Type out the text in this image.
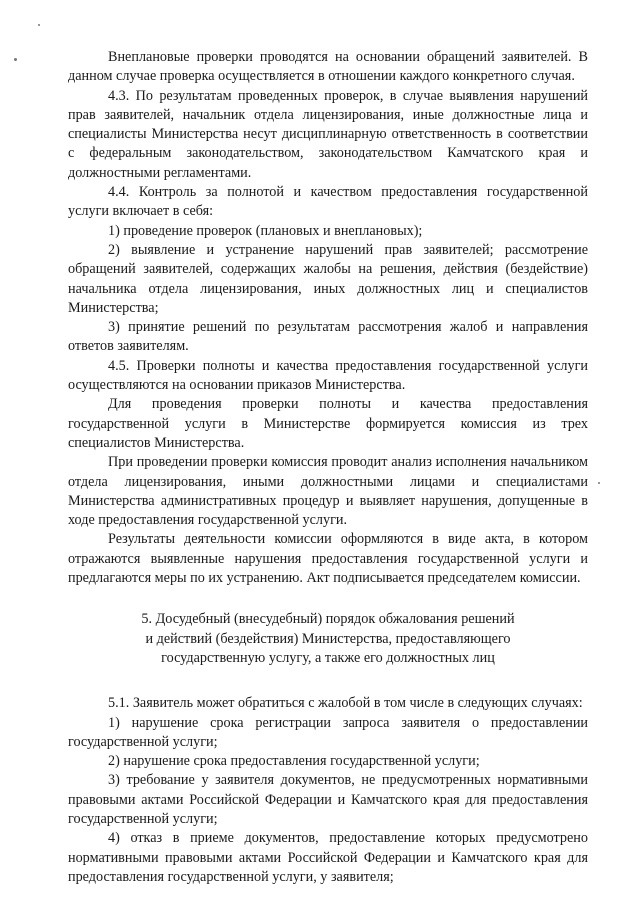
Внеплановые проверки проводятся на основании обращений заявителей. В данном случае проверка осуществляется в отношении каждого конкретного случая.

4.3. По результатам проведенных проверок, в случае выявления нарушений прав заявителей, начальник отдела лицензирования, иные должностные лица и специалисты Министерства несут дисциплинарную ответственность в соответствии с федеральным законодательством, законодательством Камчатского края и должностными регламентами.

4.4. Контроль за полнотой и качеством предоставления государственной услуги включает в себя:

1) проведение проверок (плановых и внеплановых);

2) выявление и устранение нарушений прав заявителей; рассмотрение обращений заявителей, содержащих жалобы на решения, действия (бездействие) начальника отдела лицензирования, иных должностных лиц и специалистов Министерства;

3) принятие решений по результатам рассмотрения жалоб и направления ответов заявителям.

4.5. Проверки полноты и качества предоставления государственной услуги осуществляются на основании приказов Министерства.

Для проведения проверки полноты и качества предоставления государственной услуги в Министерстве формируется комиссия из трех специалистов Министерства.

При проведении проверки комиссия проводит анализ исполнения начальником отдела лицензирования, иными должностными лицами и специалистами Министерства административных процедур и выявляет нарушения, допущенные в ходе предоставления государственной услуги.

Результаты деятельности комиссии оформляются в виде акта, в котором отражаются выявленные нарушения предоставления государственной услуги и предлагаются меры по их устранению. Акт подписывается председателем комиссии.

5. Досудебный (внесудебный) порядок обжалования решений
и действий (бездействия) Министерства, предоставляющего
государственную услугу, а также его должностных лиц

5.1. Заявитель может обратиться с жалобой в том числе в следующих случаях:

1) нарушение срока регистрации запроса заявителя о предоставлении государственной услуги;

2) нарушение срока предоставления государственной услуги;

3) требование у заявителя документов, не предусмотренных нормативными правовыми актами Российской Федерации и Камчатского края для предоставления государственной услуги;

4) отказ в приеме документов, предоставление которых предусмотрено нормативными правовыми актами Российской Федерации и Камчатского края для предоставления государственной услуги, у заявителя;
